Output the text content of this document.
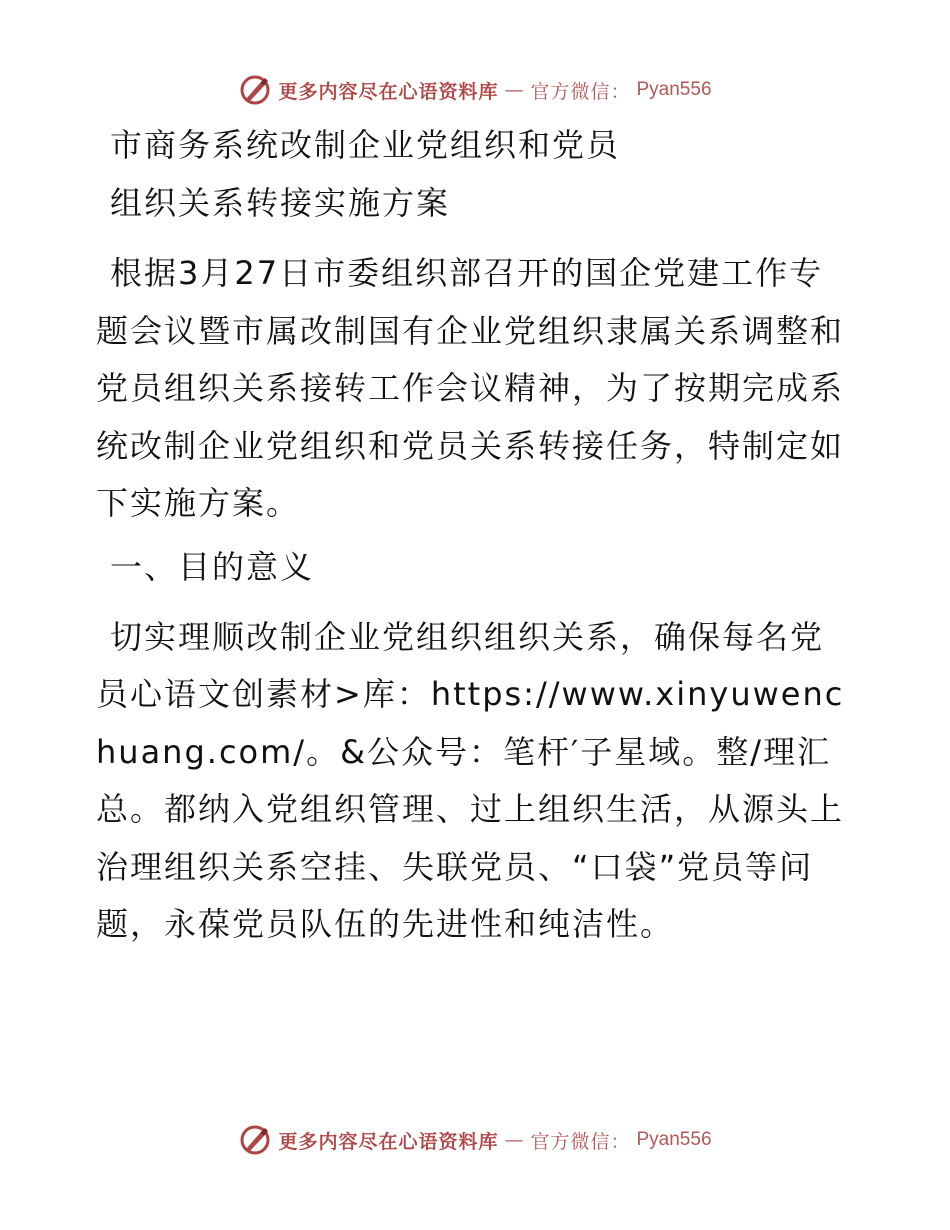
更多内容尽在心语资料库 — 官方微信： Pyan556
市商务系统改制企业党组织和党员
组织关系转接实施方案
根据3月27日市委组织部召开的国企党建工作专题会议暨市属改制国有企业党组织隶属关系调整和党员组织关系接转工作会议精神，为了按期完成系统改制企业党组织和党员关系转接任务，特制定如下实施方案。
一、目的意义
切实理顺改制企业党组织组织关系，确保每名党员心语文创素材>库：https://www.xinyuwenchuang.com/。&公众号：笔杆′子星域。整/理汇总。都纳入党组织管理、过上组织生活，从源头上治理组织关系空挂、失联党员、“口袋”党员等问题，永葆党员队伍的先进性和纯洁性。
更多内容尽在心语资料库 — 官方微信： Pyan556
